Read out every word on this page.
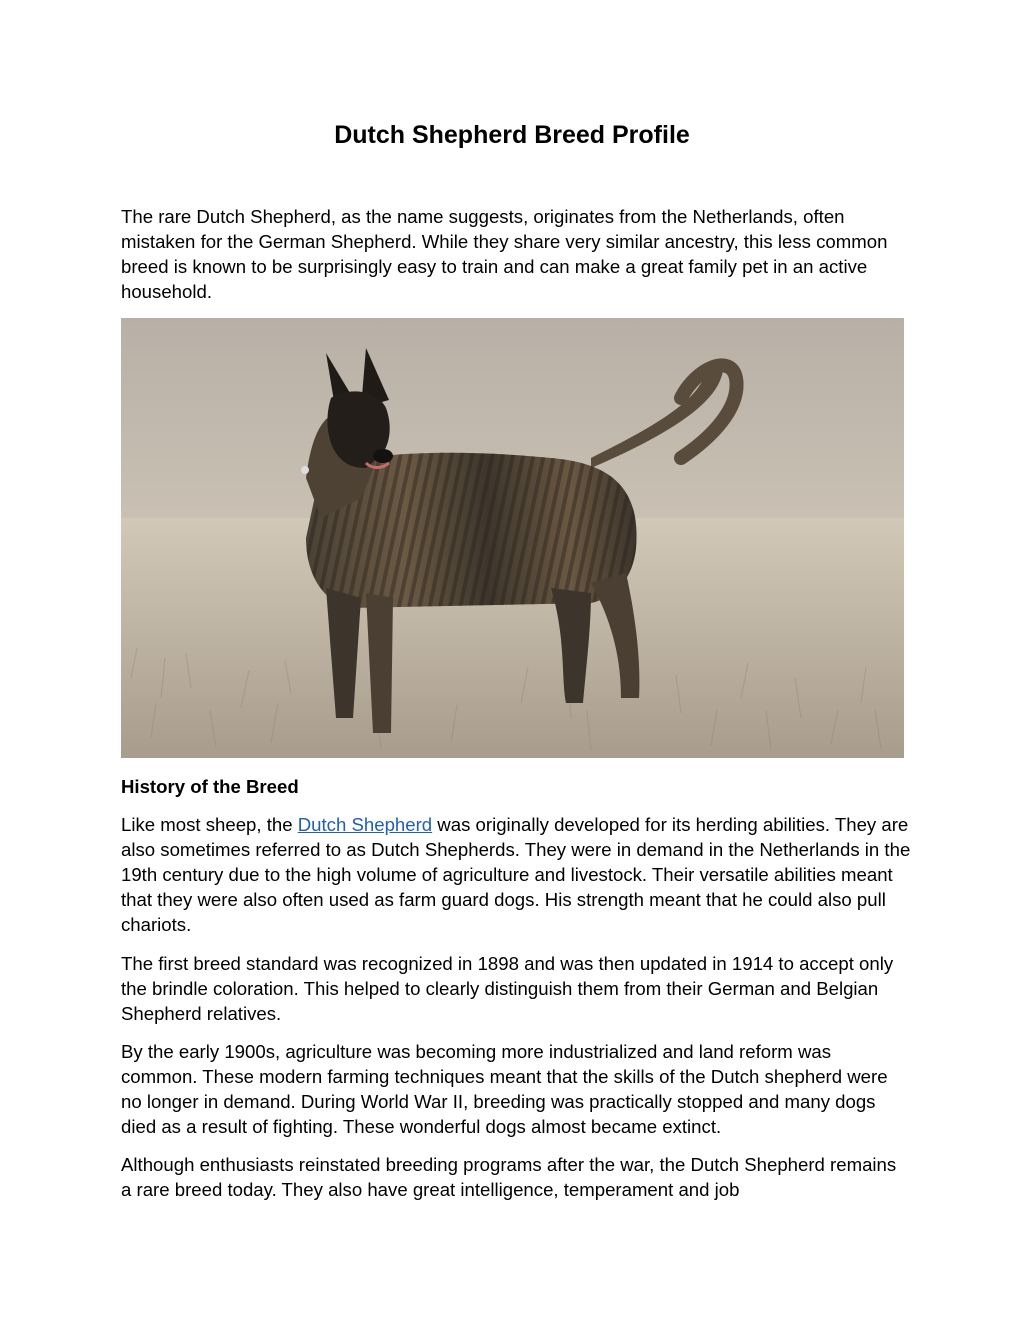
Dutch Shepherd Breed Profile

The rare Dutch Shepherd, as the name suggests, originates from the Netherlands, often mistaken for the German Shepherd. While they share very similar ancestry, this less common breed is known to be surprisingly easy to train and can make a great family pet in an active household.

History of the Breed

Like most sheep, the Dutch Shepherd was originally developed for its herding abilities. They are also sometimes referred to as Dutch Shepherds. They were in demand in the Netherlands in the 19th century due to the high volume of agriculture and livestock. Their versatile abilities meant that they were also often used as farm guard dogs. His strength meant that he could also pull chariots.

The first breed standard was recognized in 1898 and was then updated in 1914 to accept only the brindle coloration. This helped to clearly distinguish them from their German and Belgian Shepherd relatives.

By the early 1900s, agriculture was becoming more industrialized and land reform was common. These modern farming techniques meant that the skills of the Dutch shepherd were no longer in demand. During World War II, breeding was practically stopped and many dogs died as a result of fighting. These wonderful dogs almost became extinct.

Although enthusiasts reinstated breeding programs after the war, the Dutch Shepherd remains a rare breed today. They also have great intelligence, temperament and job
